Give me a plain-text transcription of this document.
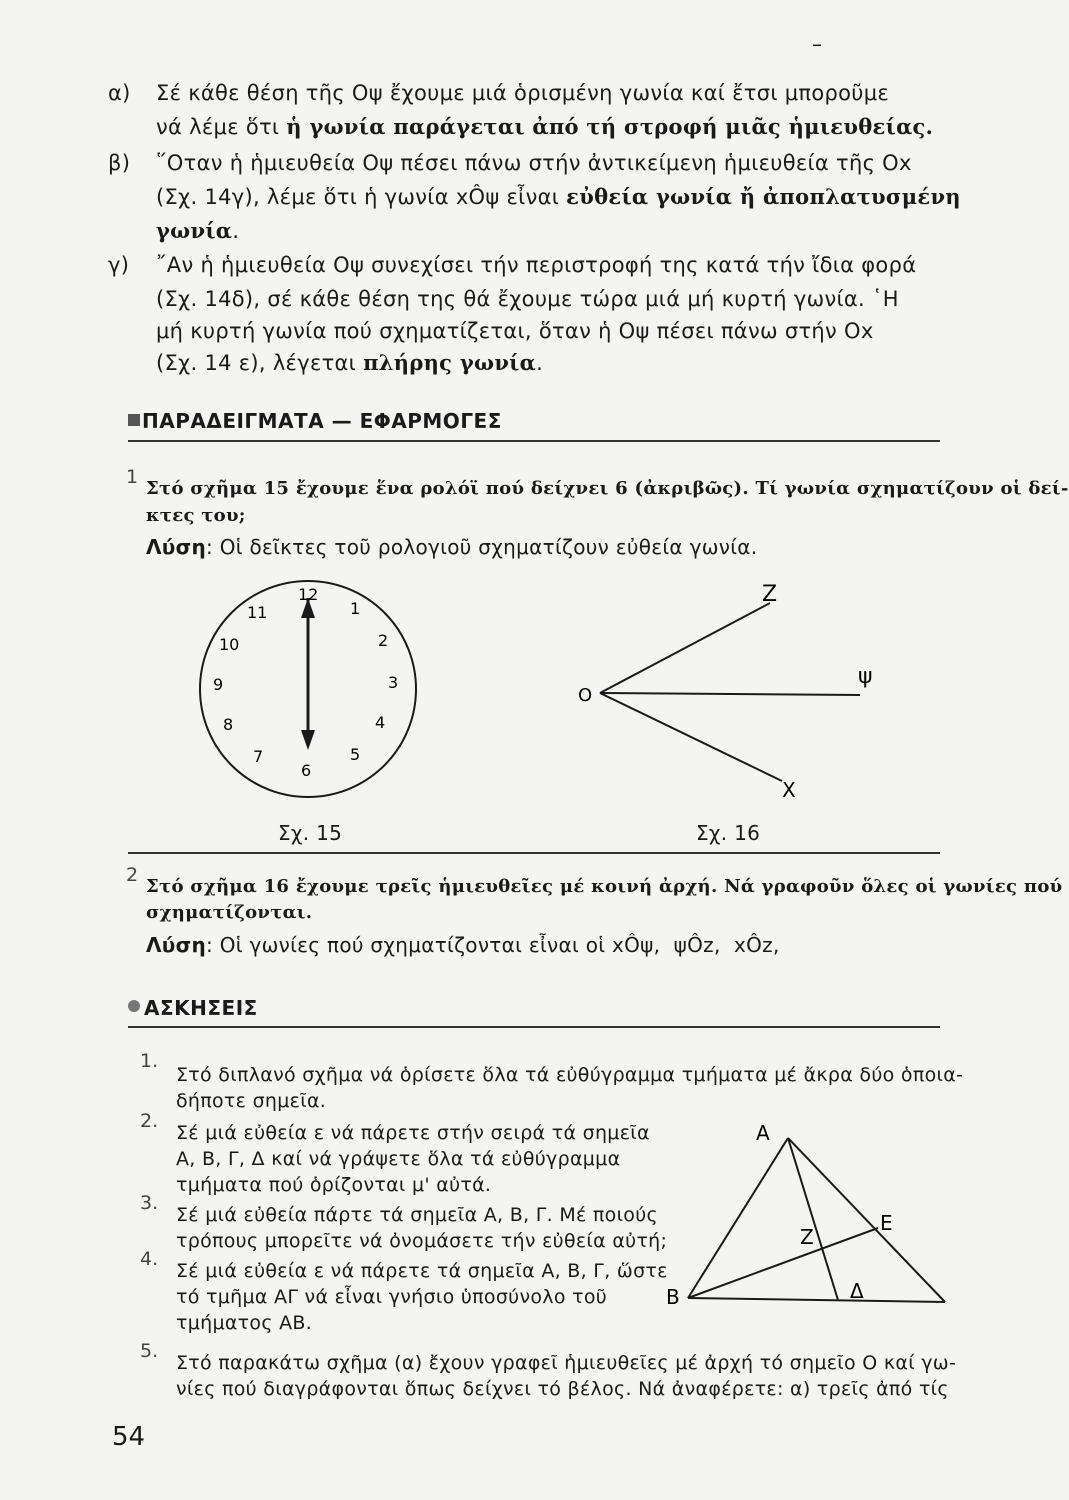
–
α) Σέ κάθε θέση τῆς Οψ ἔχουμε μιά ὁρισμένη γωνία καί ἔτσι μποροῦμε
νά λέμε ὅτι ἡ γωνία παράγεται ἀπό τή στροφή μιᾶς ἡμιευθείας.
β) ῞Οταν ἡ ἡμιευθεία Οψ πέσει πάνω στήν ἀντικείμενη ἡμιευθεία τῆς Οx
(Σχ. 14γ), λέμε ὅτι ἡ γωνία xÔψ εἶναι εὐθεία γωνία ἤ ἀποπλατυσμένη
γωνία.
γ) ῎Αν ἡ ἡμιευθεία Οψ συνεχίσει τήν περιστροφή της κατά τήν ἴδια φορά
(Σχ. 14δ), σέ κάθε θέση της θά ἔχουμε τώρα μιά μή κυρτή γωνία. ῾Η
μή κυρτή γωνία πού σχηματίζεται, ὅταν ἡ Οψ πέσει πάνω στήν Οx
(Σχ. 14 ε), λέγεται πλήρης γωνία.
ΠΑΡΑΔΕΙΓΜΑΤΑ — ΕΦΑΡΜΟΓΕΣ
1
Στό σχῆμα 15 ἔχουμε ἕνα ρολόϊ πού δείχνει 6 (ἀκριβῶς). Τί γωνία σχηματίζουν οἱ δεί-
κτες του;
Λύση: Οἱ δεῖκτες τοῦ ρολογιοῦ σχηματίζουν εὐθεία γωνία.
12
1
2
3
4
5
6
7
8
9
10
11
Σχ. 15
O
Z
ψ
X
Σχ. 16
2
Στό σχῆμα 16 ἔχουμε τρεῖς ἡμιευθεῖες μέ κοινή ἀρχή. Νά γραφοῦν ὅλες οἱ γωνίες πού
σχηματίζονται.
Λύση: Οἱ γωνίες πού σχηματίζονται εἶναι οἱ xÔψ,  ψÔz,  xÔz,
ΑΣΚΗΣΕΙΣ
1.
Στό διπλανό σχῆμα νά ὁρίσετε ὅλα τά εὐθύγραμμα τμήματα μέ ἄκρα δύο ὁποια-
δήποτε σημεῖα.
2.
Σέ μιά εὐθεία ε νά πάρετε στήν σειρά τά σημεῖα
Α, Β, Γ, Δ καί νά γράψετε ὅλα τά εὐθύγραμμα
τμήματα πού ὁρίζονται μ' αὐτά.
3.
Σέ μιά εὐθεία πάρτε τά σημεῖα Α, Β, Γ. Μέ ποιούς
τρόπους μπορεῖτε νά ὀνομάσετε τήν εὐθεία αὐτή;
4.
Σέ μιά εὐθεία ε νά πάρετε τά σημεῖα Α, Β, Γ, ὥστε
τό τμῆμα ΑΓ νά εἶναι γνήσιο ὑποσύνολο τοῦ
τμήματος ΑΒ.
Α
Β
Ζ
Ε
Δ
5.
Στό παρακάτω σχῆμα (α) ἔχουν γραφεῖ ἡμιευθεῖες μέ ἀρχή τό σημεῖο Ο καί γω-
νίες πού διαγράφονται ὅπως δείχνει τό βέλος. Νά ἀναφέρετε: α) τρεῖς ἀπό τίς
54
